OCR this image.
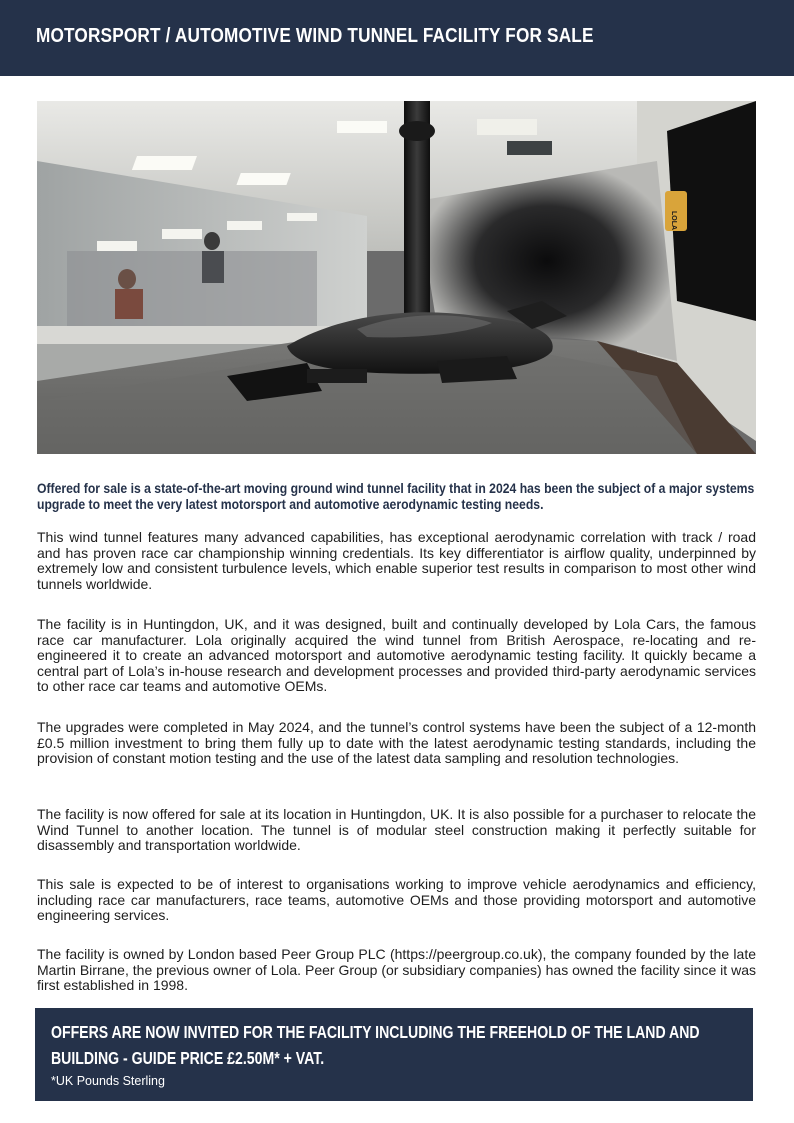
MOTORSPORT / AUTOMOTIVE WIND TUNNEL FACILITY FOR SALE
LOLA
Offered for sale is a state-of-the-art moving ground wind tunnel facility that in 2024 has been the subject of a major systems upgrade to meet the very latest motorsport and automotive aerodynamic testing needs.

This wind tunnel features many advanced capabilities, has exceptional aerodynamic correlation with track / road and has proven race car championship winning credentials. Its key differentiator is airflow quality, underpinned by extremely low and consistent turbulence levels, which enable superior test results in comparison to most other wind tunnels worldwide.

The facility is in Huntingdon, UK, and it was designed, built and continually developed by Lola Cars, the famous race car manufacturer. Lola originally acquired the wind tunnel from British Aerospace, re-locating and re-engineered it to create an advanced motorsport and automotive aerodynamic testing facility. It quickly became a central part of Lola’s in-house research and development processes and provided third-party aerodynamic services to other race car teams and automotive OEMs.

The upgrades were completed in May 2024, and the tunnel’s control systems have been the subject of a 12-month £0.5 million investment to bring them fully up to date with the latest aerodynamic testing standards, including the provision of constant motion testing and the use of the latest data sampling and resolution technologies.

The facility is now offered for sale at its location in Huntingdon, UK. It is also possible for a purchaser to relocate the Wind Tunnel to another location. The tunnel is of modular steel construction making it perfectly suitable for disassembly and transportation worldwide.

This sale is expected to be of interest to organisations working to improve vehicle aerodynamics and efficiency, including race car manufacturers, race teams, automotive OEMs and those providing motorsport and automotive engineering services.

The facility is owned by London based Peer Group PLC (https://peergroup.co.uk), the company founded by the late Martin Birrane, the previous owner of Lola. Peer Group (or subsidiary companies) has owned the facility since it was first established in 1998.

OFFERS ARE NOW INVITED FOR THE FACILITY INCLUDING THE FREEHOLD OF THE LAND AND BUILDING - GUIDE PRICE £2.50M* + VAT.
*UK Pounds Sterling
